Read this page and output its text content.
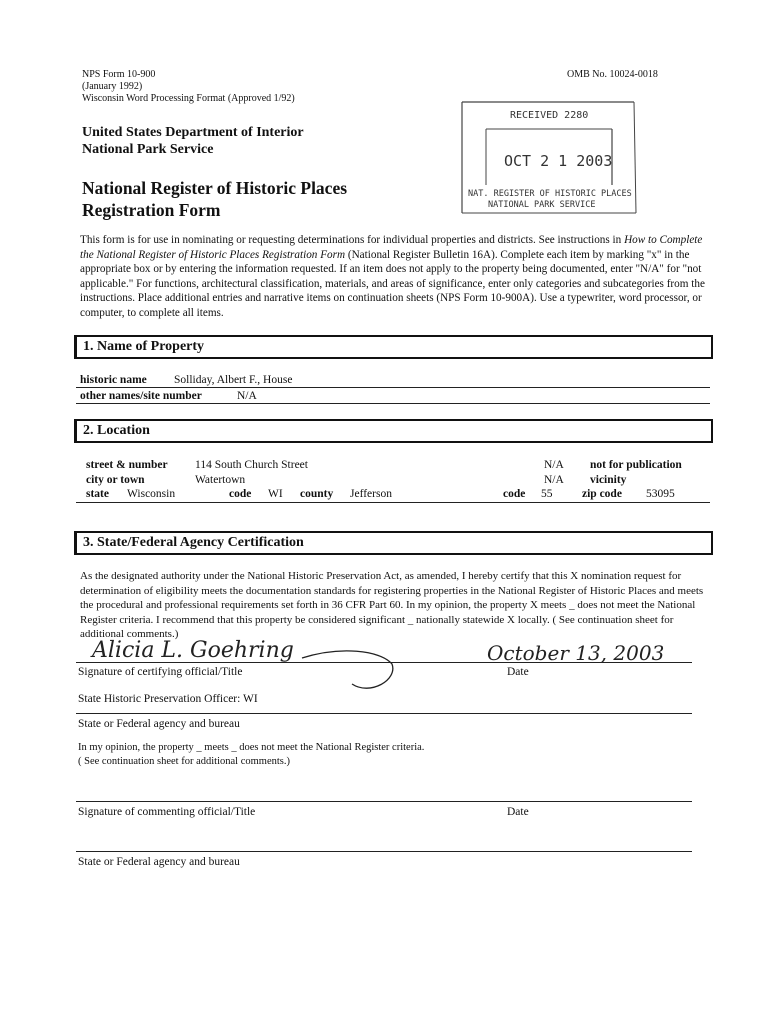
NPS Form 10-900
(January 1992)
Wisconsin Word Processing Format (Approved 1/92)
OMB No. 10024-0018
United States Department of Interior
National Park Service
National Register of Historic Places
Registration Form
RECEIVED 2280
OCT 2 1 2003
NAT. REGISTER OF HISTORIC PLACES
NATIONAL PARK SERVICE
This form is for use in nominating or requesting determinations for individual properties and districts. See instructions in How to Complete the National Register of Historic Places Registration Form (National Register Bulletin 16A). Complete each item by marking "x" in the appropriate box or by entering the information requested. If an item does not apply to the property being documented, enter "N/A" for "not applicable." For functions, architectural classification, materials, and areas of significance, enter only categories and subcategories from the instructions. Place additional entries and narrative items on continuation sheets (NPS Form 10-900A). Use a typewriter, word processor, or computer, to complete all items.
1. Name of Property
historic name Solliday, Albert F., House
other names/site number	N/A
2. Location
street & number 114 South Church Street	N/A not for publication
city or town	Watertown	N/A vicinity
state Wisconsin	code WI county Jefferson	code 55	zip code 53095
3. State/Federal Agency Certification
As the designated authority under the National Historic Preservation Act, as amended, I hereby certify that this X nomination request for determination of eligibility meets the documentation standards for registering properties in the National Register of Historic Places and meets the procedural and professional requirements set forth in 36 CFR Part 60. In my opinion, the property X meets _ does not meet the National Register criteria. I recommend that this property be considered significant _ nationally statewide X locally. ( See continuation sheet for additional comments.)
Alicia L. Goehring	October 13, 2003
Signature of certifying official/Title	Date
State Historic Preservation Officer: WI
State or Federal agency and bureau
In my opinion, the property _ meets _ does not meet the National Register criteria.
( See continuation sheet for additional comments.)
Signature of commenting official/Title	Date
State or Federal agency and bureau
